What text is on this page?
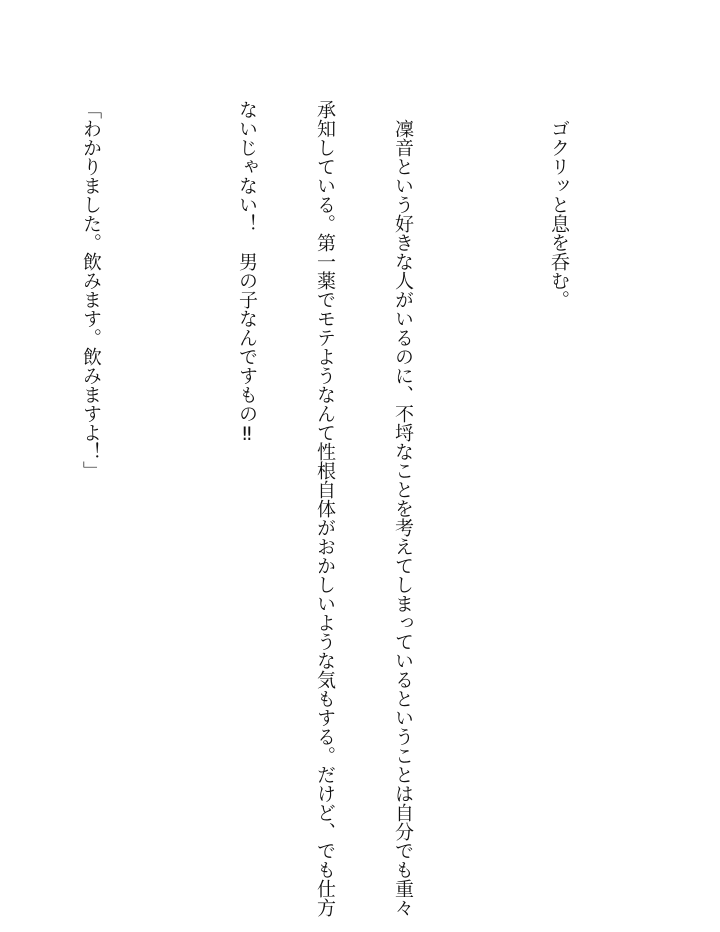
　ゴクリッと息を呑む。

　凜音という好きな人がいるのに、不埒なことを考えてしまっているということは自分でも重々

承知している。第一薬でモテようなんて性根自体がおかしいような気もする。だけど、でも仕方

ないじゃない！　男の子なんですもの‼

「わかりました。飲みます。飲みますよ！」
